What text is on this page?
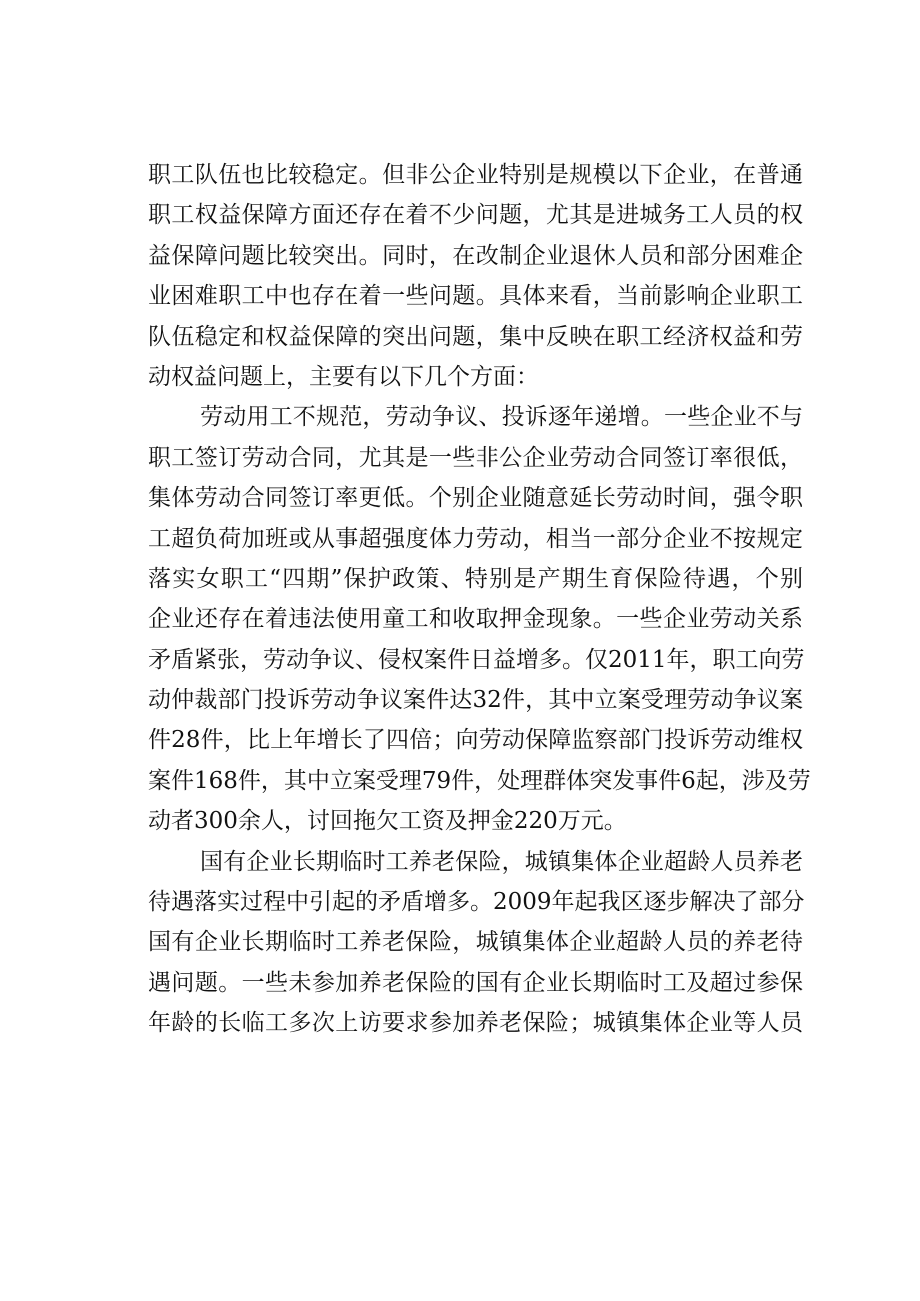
职工队伍也比较稳定。但非公企业特别是规模以下企业，在普通
职工权益保障方面还存在着不少问题，尤其是进城务工人员的权
益保障问题比较突出。同时，在改制企业退休人员和部分困难企
业困难职工中也存在着一些问题。具体来看，当前影响企业职工
队伍稳定和权益保障的突出问题，集中反映在职工经济权益和劳
动权益问题上，主要有以下几个方面：
劳动用工不规范，劳动争议、投诉逐年递增。一些企业不与
职工签订劳动合同，尤其是一些非公企业劳动合同签订率很低，
集体劳动合同签订率更低。个别企业随意延长劳动时间，强令职
工超负荷加班或从事超强度体力劳动，相当一部分企业不按规定
落实女职工“四期”保护政策、特别是产期生育保险待遇，个别
企业还存在着违法使用童工和收取押金现象。一些企业劳动关系
矛盾紧张，劳动争议、侵权案件日益增多。仅2011年，职工向劳
动仲裁部门投诉劳动争议案件达32件，其中立案受理劳动争议案
件28件，比上年增长了四倍；向劳动保障监察部门投诉劳动维权
案件168件，其中立案受理79件，处理群体突发事件6起，涉及劳
动者300余人，讨回拖欠工资及押金220万元。
国有企业长期临时工养老保险，城镇集体企业超龄人员养老
待遇落实过程中引起的矛盾增多。2009年起我区逐步解决了部分
国有企业长期临时工养老保险，城镇集体企业超龄人员的养老待
遇问题。一些未参加养老保险的国有企业长期临时工及超过参保
年龄的长临工多次上访要求参加养老保险；城镇集体企业等人员
